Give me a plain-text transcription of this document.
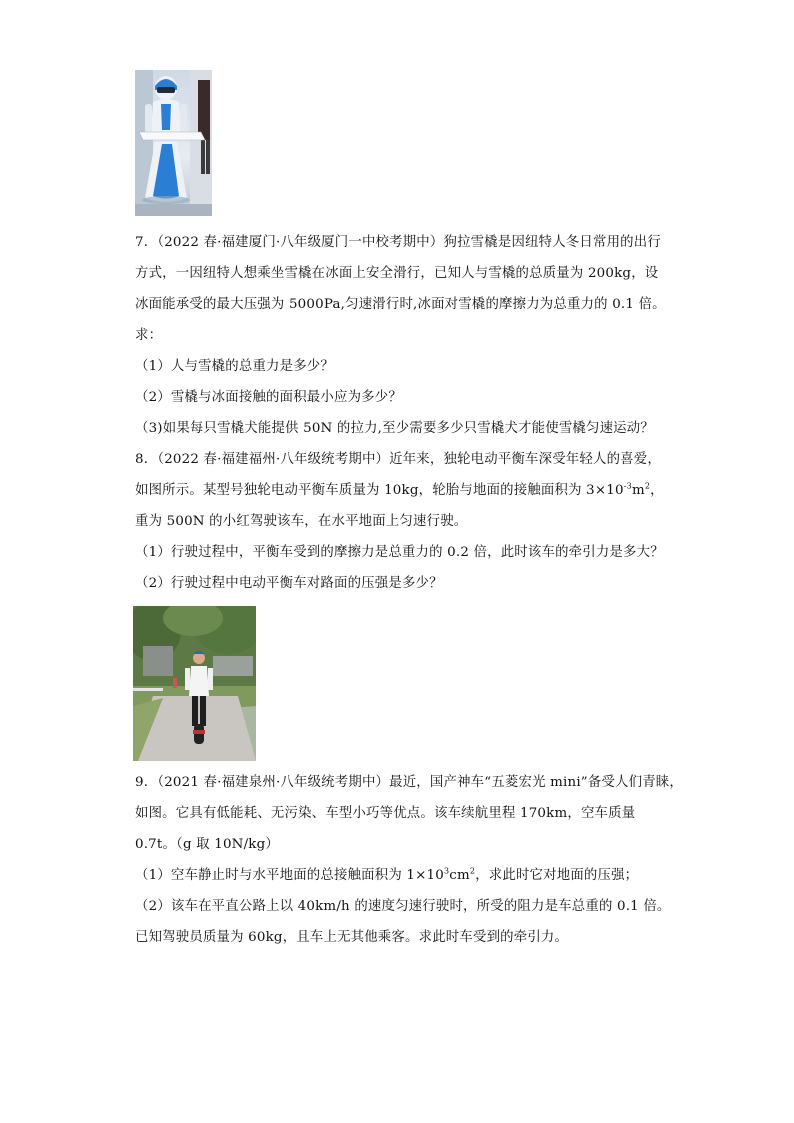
7．（2022 春·福建厦门·八年级厦门一中校考期中）狗拉雪橇是因纽特人冬日常用的出行
方式，一因纽特人想乘坐雪橇在冰面上安全滑行，已知人与雪橇的总质量为 200kg，设
冰面能承受的最大压强为 5000Pa,匀速滑行时,冰面对雪橇的摩擦力为总重力的 0.1 倍。
求：
（1）人与雪橇的总重力是多少？
（2）雪橇与冰面接触的面积最小应为多少？
（3)如果每只雪橇犬能提供 50N 的拉力,至少需要多少只雪橇犬才能使雪橇匀速运动？
8．（2022 春·福建福州·八年级统考期中）近年来，独轮电动平衡车深受年轻人的喜爱，
如图所示。某型号独轮电动平衡车质量为 10kg，轮胎与地面的接触面积为 $3\times 10^{-3}m^2$，
重为 500N 的小红驾驶该车，在水平地面上匀速行驶。
（1）行驶过程中，平衡车受到的摩擦力是总重力的 0.2 倍，此时该车的牵引力是多大？
（2）行驶过程中电动平衡车对路面的压强是多少？
9．（2021 春·福建泉州·八年级统考期中）最近，国产神车“五菱宏光 mini”备受人们青睐，
如图。它具有低能耗、无污染、车型小巧等优点。该车续航里程 170km，空车质量
0.7t。（g 取 10N/kg）
（1）空车静止时与水平地面的总接触面积为 $1\times 10^3cm^2$，求此时它对地面的压强；
（2）该车在平直公路上以 40km/h 的速度匀速行驶时，所受的阻力是车总重的 0.1 倍。
已知驾驶员质量为 60kg，且车上无其他乘客。求此时车受到的牵引力。
